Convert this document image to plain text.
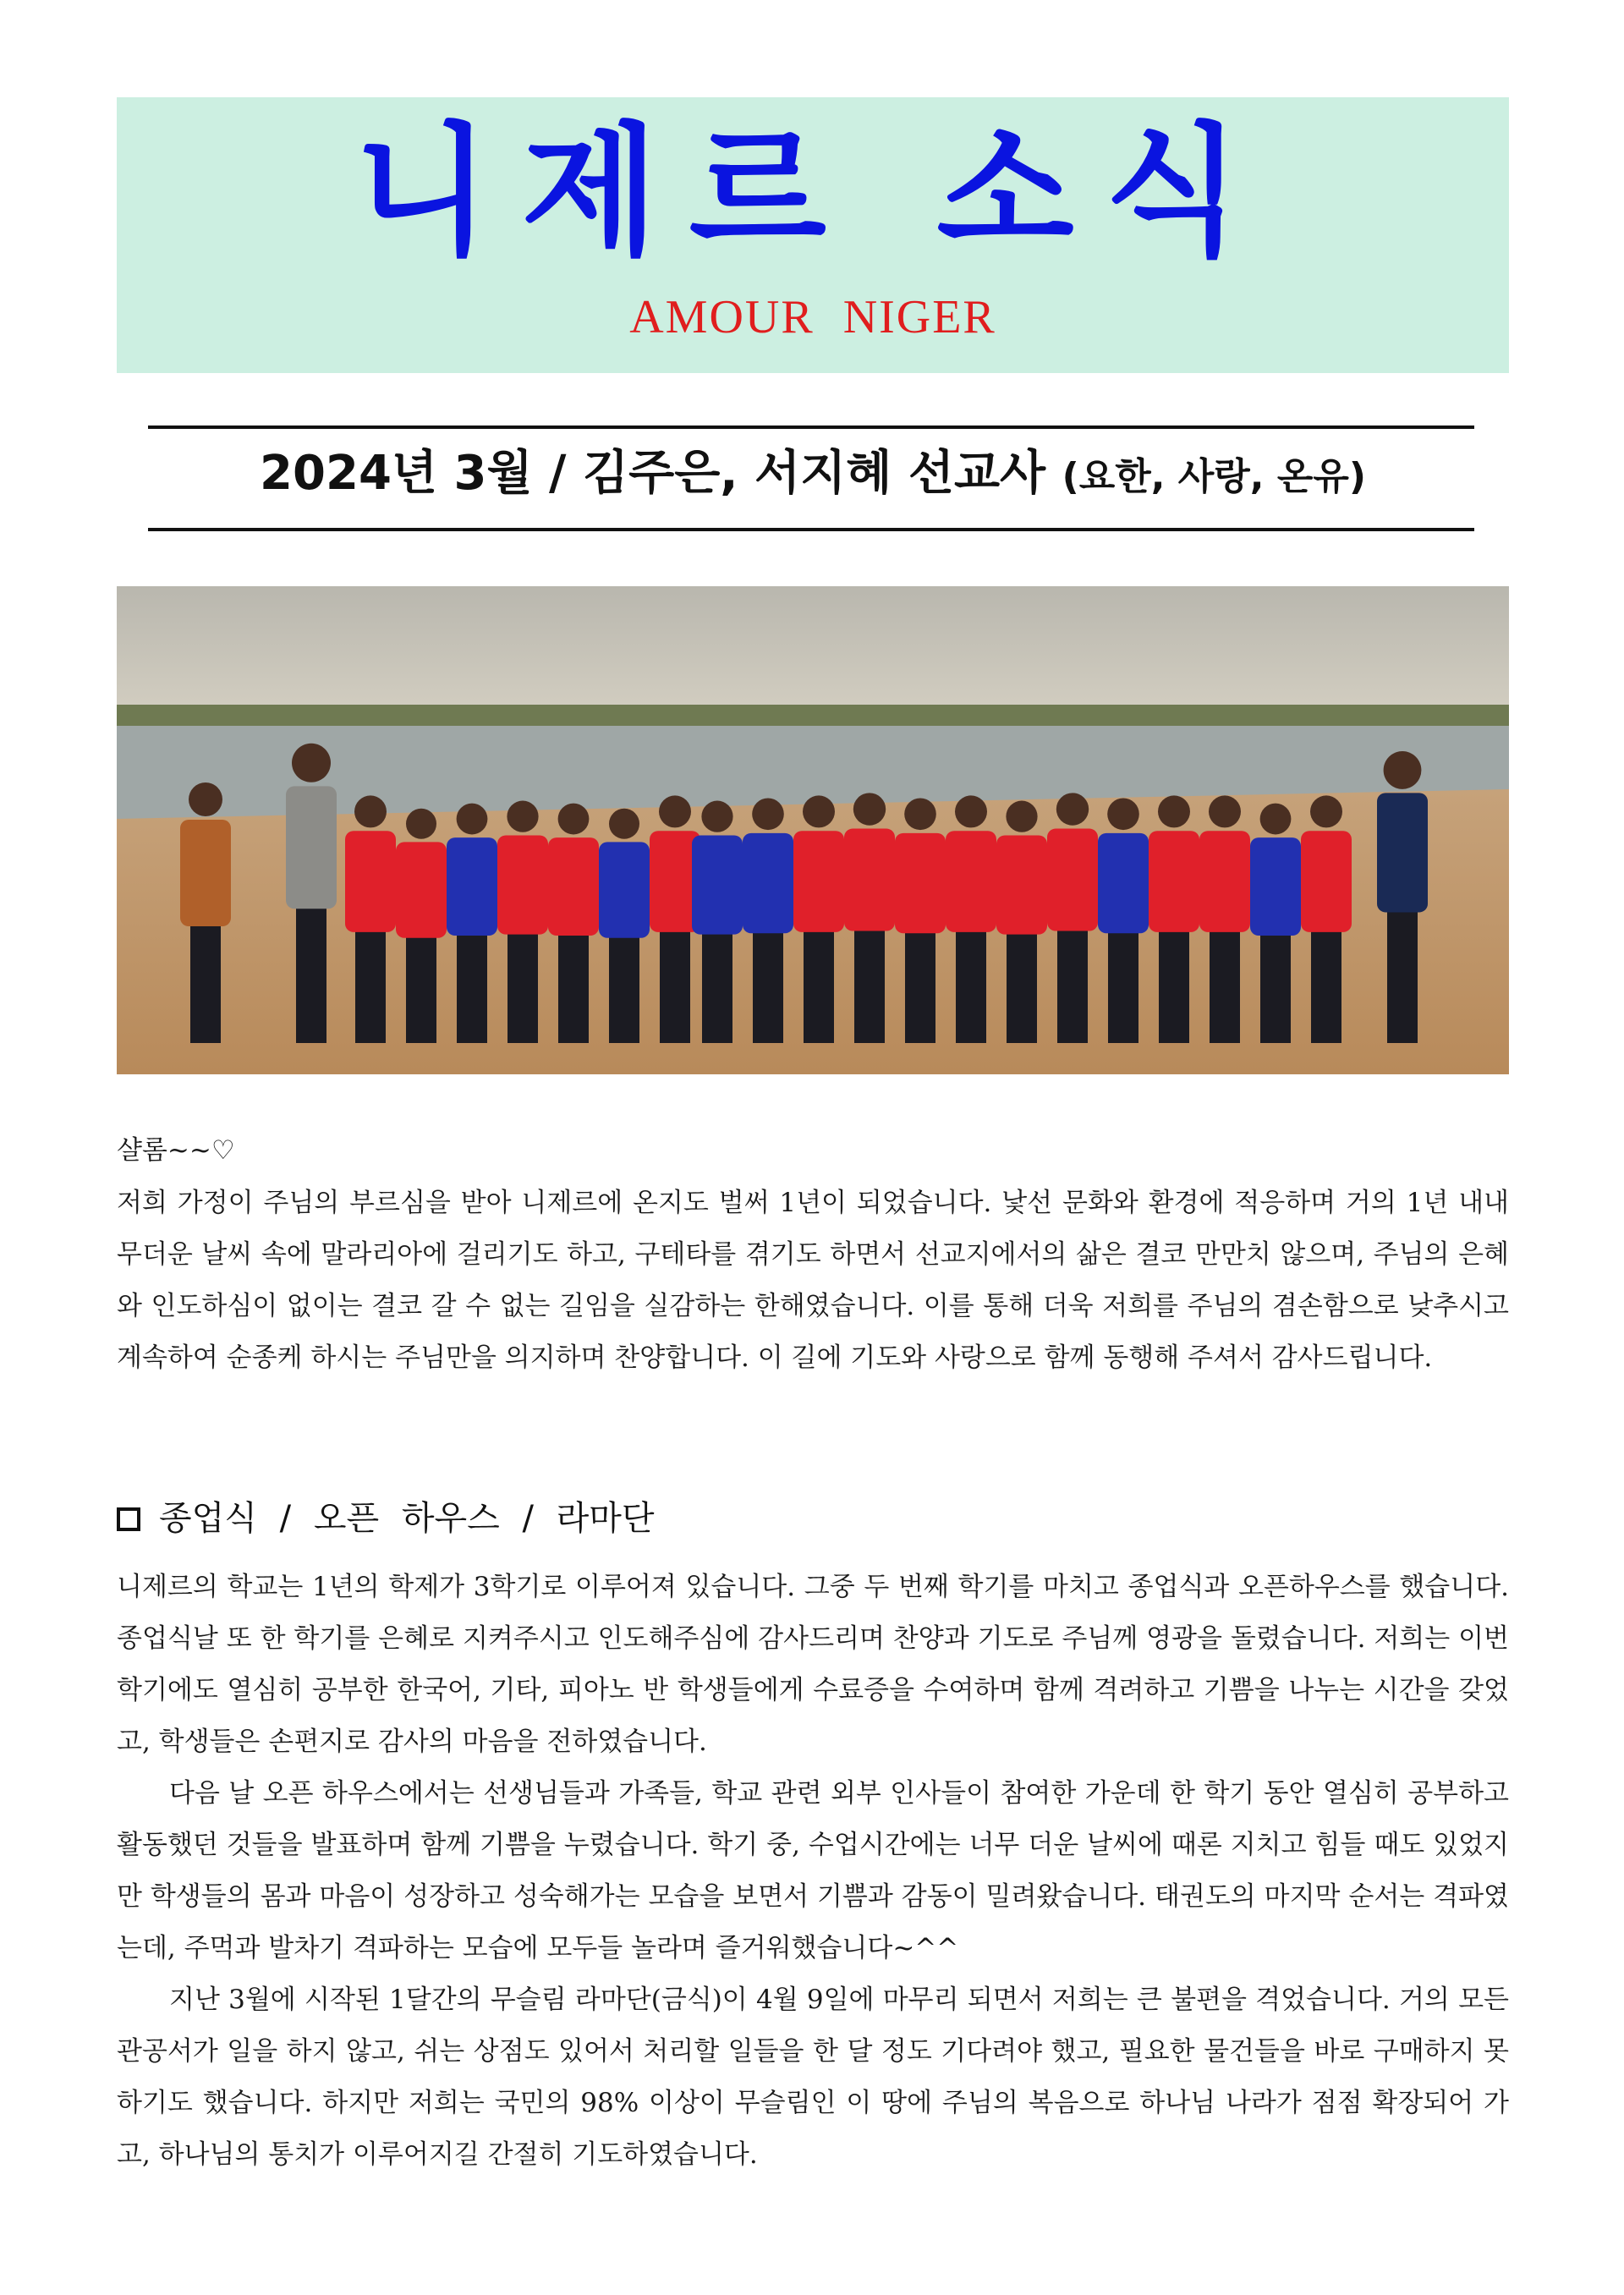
니제르 소식
AMOUR NIGER
2024년 3월 / 김주은, 서지혜 선교사 (요한, 사랑, 온유)
샬롬~~♡
저희 가정이 주님의 부르심을 받아 니제르에 온지도 벌써 1년이 되었습니다. 낯선 문화와 환경에 적응하며 거의 1년 내내 무더운 날씨 속에 말라리아에 걸리기도 하고, 구테타를 겪기도 하면서 선교지에서의 삶은 결코 만만치 않으며, 주님의 은혜와 인도하심이 없이는 결코 갈 수 없는 길임을 실감하는 한해였습니다. 이를 통해 더욱 저희를 주님의 겸손함으로 낮추시고 계속하여 순종케 하시는 주님만을 의지하며 찬양합니다. 이 길에 기도와 사랑으로 함께 동행해 주셔서 감사드립니다.
종업식 / 오픈 하우스 / 라마단

니제르의 학교는 1년의 학제가 3학기로 이루어져 있습니다. 그중 두 번째 학기를 마치고 종업식과 오픈하우스를 했습니다. 종업식날 또 한 학기를 은혜로 지켜주시고 인도해주심에 감사드리며 찬양과 기도로 주님께 영광을 돌렸습니다. 저희는 이번 학기에도 열심히 공부한 한국어, 기타, 피아노 반 학생들에게 수료증을 수여하며 함께 격려하고 기쁨을 나누는 시간을 갖었고, 학생들은 손편지로 감사의 마음을 전하였습니다.

다음 날 오픈 하우스에서는 선생님들과 가족들, 학교 관련 외부 인사들이 참여한 가운데 한 학기 동안 열심히 공부하고 활동했던 것들을 발표하며 함께 기쁨을 누렸습니다. 학기 중, 수업시간에는 너무 더운 날씨에 때론 지치고 힘들 때도 있었지만 학생들의 몸과 마음이 성장하고 성숙해가는 모습을 보면서 기쁨과 감동이 밀려왔습니다. 태권도의 마지막 순서는 격파였는데, 주먹과 발차기 격파하는 모습에 모두들 놀라며 즐거워했습니다~^^

지난 3월에 시작된 1달간의 무슬림 라마단(금식)이 4월 9일에 마무리 되면서 저희는 큰 불편을 격었습니다. 거의 모든 관공서가 일을 하지 않고, 쉬는 상점도 있어서 처리할 일들을 한 달 정도 기다려야 했고, 필요한 물건들을 바로 구매하지 못하기도 했습니다. 하지만 저희는 국민의 98% 이상이 무슬림인 이 땅에 주님의 복음으로 하나님 나라가 점점 확장되어 가고, 하나님의 통치가 이루어지길 간절히 기도하였습니다.
